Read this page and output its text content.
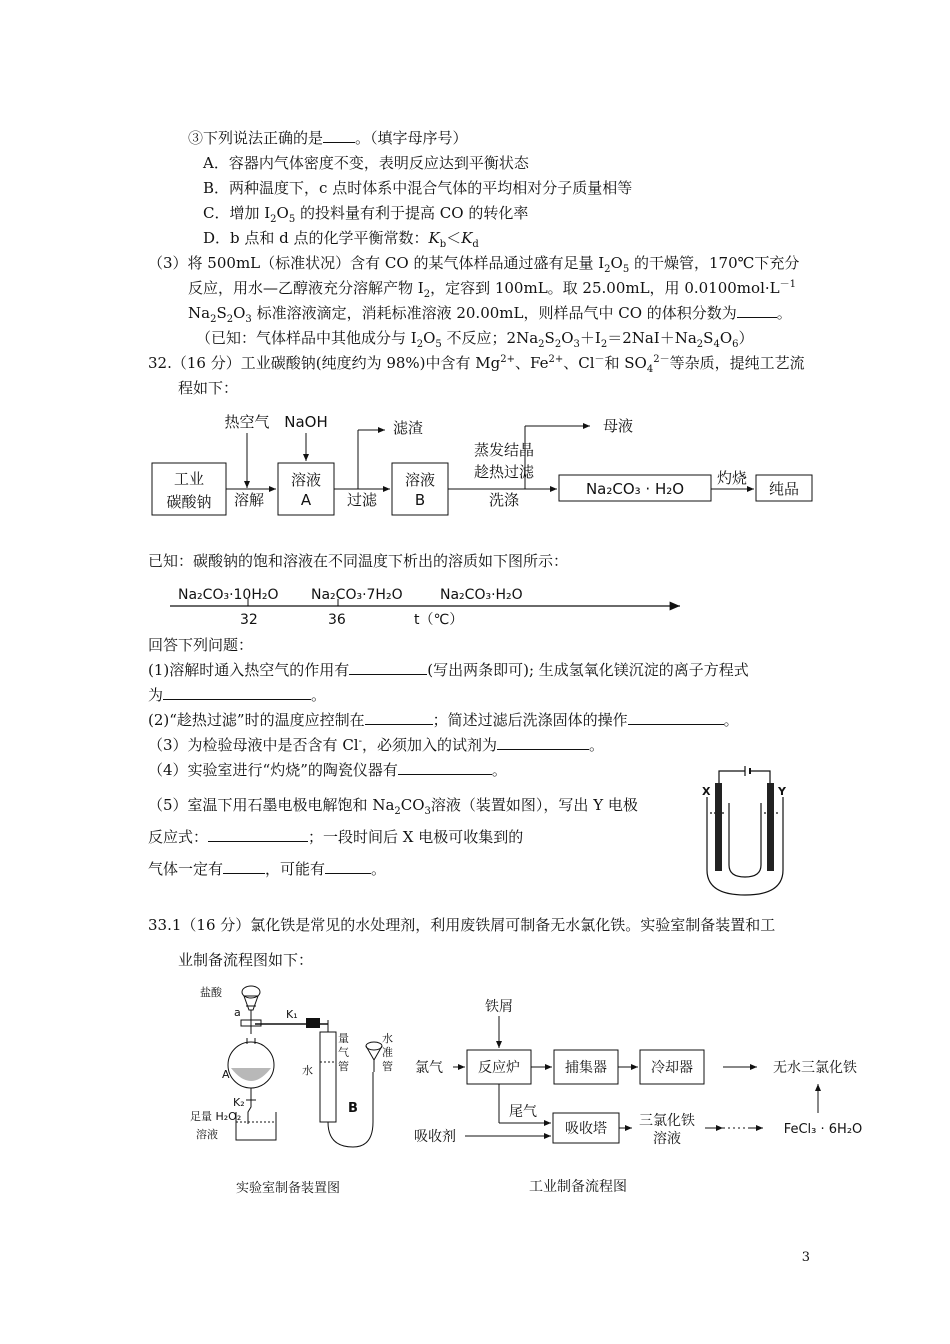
③下列说法正确的是 。（填字母序号）
A．容器内气体密度不变，表明反应达到平衡状态
B．两种温度下，c 点时体系中混合气体的平均相对分子质量相等
C．增加 $I_2O_5$ 的投料量有利于提高 CO 的转化率
D．b 点和 d 点的化学平衡常数：$K_b<K_d$
（3）将 500mL（标准状况）含有 CO 的某气体样品通过盛有足量 $I_2O_5$ 的干燥管，170℃下充分
反应，用水—乙醇液充分溶解产物 $I_2$，定容到 100mL。取 25.00mL，用 $0.0100mol\cdot L^{-1}$
$Na_2S_2O_3$ 标准溶液滴定，消耗标准溶液 20.00mL，则样品气中 CO 的体积分数为	。
（已知：气体样品中其他成分与 $I_2O_5$ 不反应；$2Na_2S_2O_3+I_2=2NaI+Na_2S_4O_6$）
32.（16 分）工业碳酸钠(纯度约为 98%)中含有 $Mg^{2+}$、$Fe^{2+}$、Cl－和 $SO_4^{2-}$等杂质，提纯工艺流
程如下：
工业
碳酸钠
热空气 NaOH
溶解
溶液
A 过滤
滤渣
溶液
B
蒸发结晶
趁热过滤
洗涤
母液
Na₂CO₃ · H₂O
灼烧
纯品
已知：碳酸钠的饱和溶液在不同温度下析出的溶质如下图所示：
Na₂CO₃·10H₂O Na₂CO₃·7H₂O	Na₂CO₃·H₂O
32	36	t（℃）
回答下列问题：
(1)溶解时通入热空气的作用有	(写出两条即可); 生成氢氧化镁沉淀的离子方程式
为	。
(2)“趁热过滤”时的温度应控制在	；简述过滤后洗涤固体的操作	。
（3）为检验母液中是否含有 Cl-，必须加入的试剂为	。
（4）实验室进行“灼烧”的陶瓷仪器有	。
（5）室温下用石墨电极电解饱和 $Na_2CO_3$溶液（装置如图），写出 Y 电极
反应式：	；一段时间后 X 电极可收集到的
气体一定有	，可能有	。
X	Y
33.1（16 分）氯化铁是常见的水处理剂，利用废铁屑可制备无水氯化铁。实验室制备装置和工
业制备流程图如下：
盐酸
a	K₁
A
K₂
足量 H₂O₂
溶液
水
量
气
管
水
准
管
B
实验室制备装置图
铁屑
氯气	反应炉	捕集器	冷却器	无水三氯化铁
尾气
吸收剂	吸收塔 三氯化铁
溶液
FeCl₃ · 6H₂O
工业制备流程图
3
